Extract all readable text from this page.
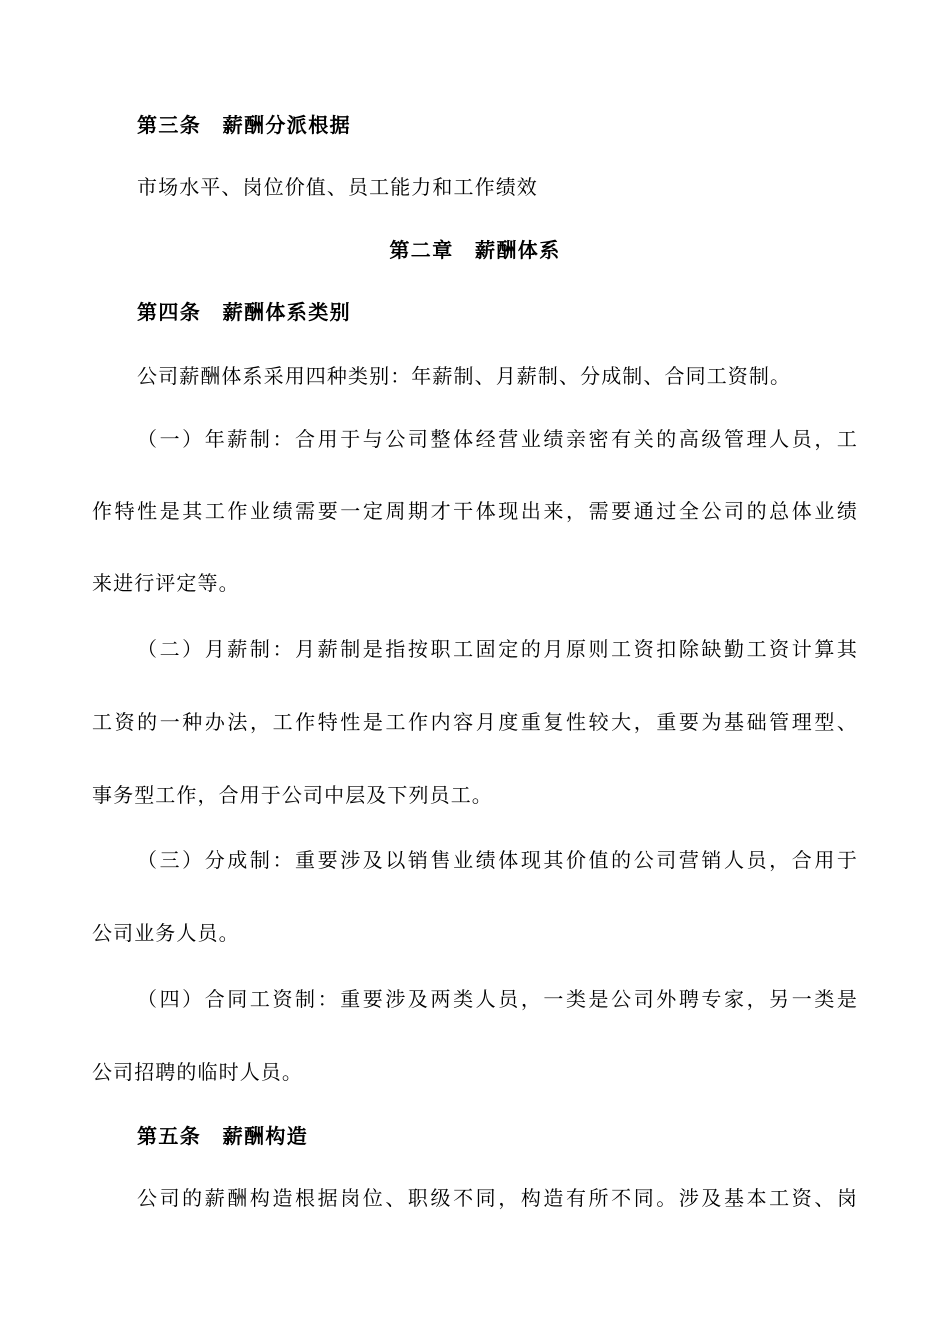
第三条　薪酬分派根据
市场水平、岗位价值、员工能力和工作绩效
第二章　薪酬体系
第四条　薪酬体系类别
公司薪酬体系采用四种类别：年薪制、月薪制、分成制、合同工资制。
（一）年薪制：合用于与公司整体经营业绩亲密有关的高级管理人员，工
作特性是其工作业绩需要一定周期才干体现出来，需要通过全公司的总体业绩
来进行评定等。
（二）月薪制：月薪制是指按职工固定的月原则工资扣除缺勤工资计算其
工资的一种办法，工作特性是工作内容月度重复性较大，重要为基础管理型、
事务型工作，合用于公司中层及下列员工。
（三）分成制：重要涉及以销售业绩体现其价值的公司营销人员，合用于
公司业务人员。
（四）合同工资制：重要涉及两类人员，一类是公司外聘专家，另一类是
公司招聘的临时人员。
第五条　薪酬构造
公司的薪酬构造根据岗位、职级不同，构造有所不同。涉及基本工资、岗
